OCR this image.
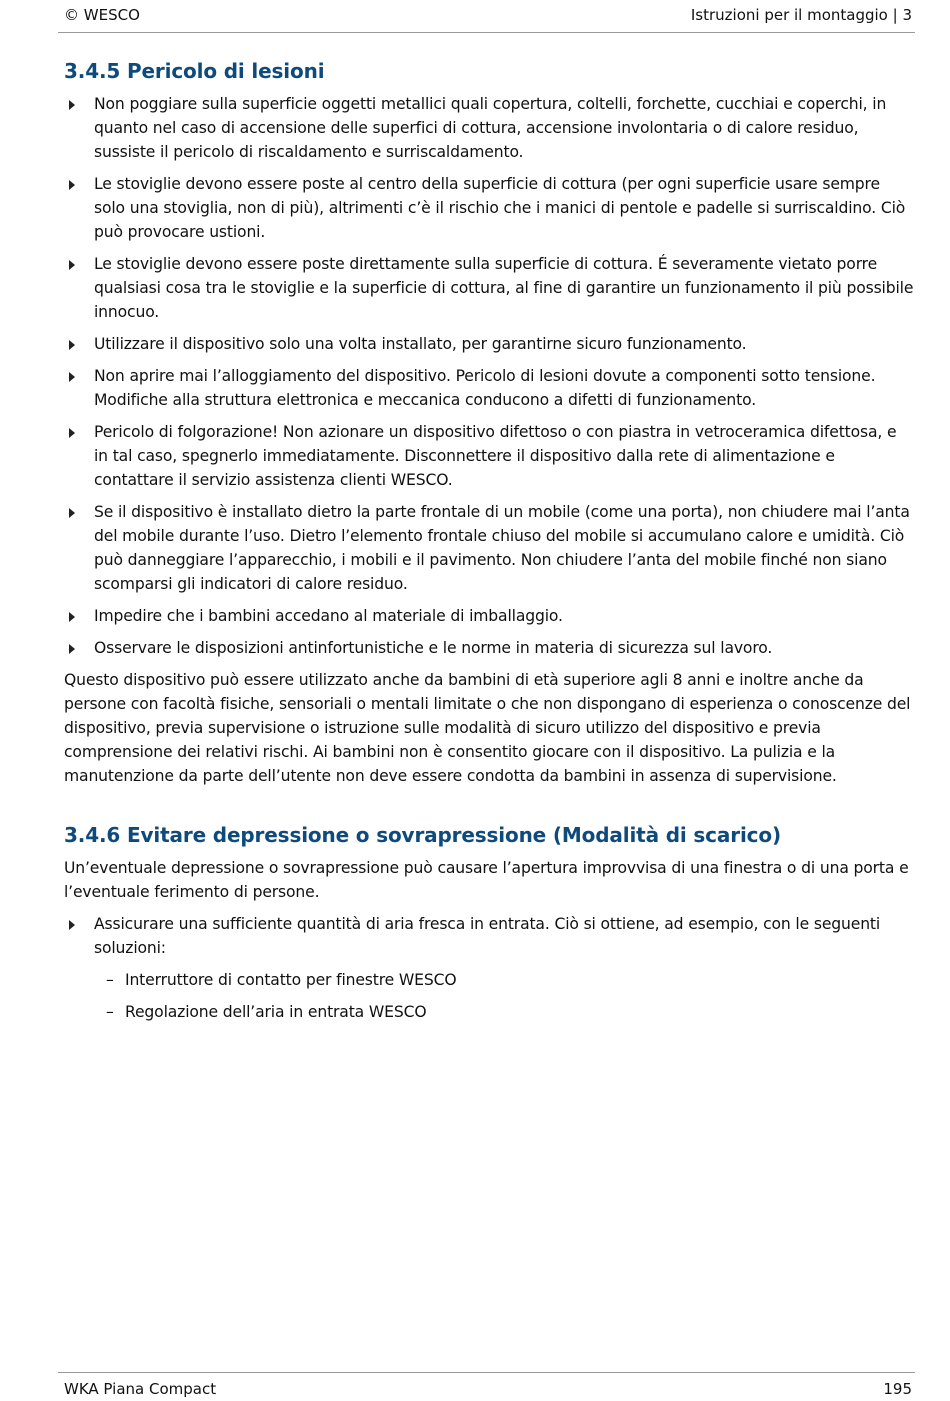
© WESCO	Istruzioni per il montaggio | 3
3.4.5 Pericolo di lesioni
Non poggiare sulla superficie oggetti metallici quali copertura, coltelli, forchette, cucchiai e coperchi, in quanto nel caso di accensione delle superfici di cottura, accensione involontaria o di calore residuo, sussiste il pericolo di riscaldamento e surriscaldamento.
Le stoviglie devono essere poste al centro della superficie di cottura (per ogni superficie usare sempre solo una stoviglia, non di più), altrimenti c’è il rischio che i manici di pentole e padelle si surriscaldino. Ciò può provocare ustioni.
Le stoviglie devono essere poste direttamente sulla superficie di cottura. É severamente vietato porre qualsiasi cosa tra le stoviglie e la superficie di cottura, al fine di garantire un funzionamento il più possibile innocuo.
Utilizzare il dispositivo solo una volta installato, per garantirne sicuro funzionamento.
Non aprire mai l’alloggiamento del dispositivo. Pericolo di lesioni dovute a componenti sotto tensione. Modifiche alla struttura elettronica e meccanica conducono a difetti di funzionamento.
Pericolo di folgorazione! Non azionare un dispositivo difettoso o con piastra in vetroceramica difettosa, e in tal caso, spegnerlo immediatamente. Disconnettere il dispositivo dalla rete di alimentazione e contattare il servizio assistenza clienti WESCO.
Se il dispositivo è installato dietro la parte frontale di un mobile (come una porta), non chiudere mai l’anta del mobile durante l’uso. Dietro l’elemento frontale chiuso del mobile si accumulano calore e umidità. Ciò può danneggiare l’apparecchio, i mobili e il pavimento. Non chiudere l’anta del mobile finché non siano scomparsi gli indicatori di calore residuo.
Impedire che i bambini accedano al materiale di imballaggio.
Osservare le disposizioni antinfortunistiche e le norme in materia di sicurezza sul lavoro.

Questo dispositivo può essere utilizzato anche da bambini di età superiore agli 8 anni e inoltre anche da persone con facoltà fisiche, sensoriali o mentali limitate o che non dispongano di esperienza o conoscenze del dispositivo, previa supervisione o istruzione sulle modalità di sicuro utilizzo del dispositivo e previa comprensione dei relativi rischi. Ai bambini non è consentito giocare con il dispositivo. La pulizia e la manutenzione da parte dell’utente non deve essere condotta da bambini in assenza di supervisione.

3.4.6 Evitare depressione o sovrapressione (Modalità di scarico)

Un’eventuale depressione o sovrapressione può causare l’apertura improvvisa di una finestra o di una porta e l’eventuale ferimento di persone.

Assicurare una sufficiente quantità di aria fresca in entrata. Ciò si ottiene, ad esempio, con le seguenti soluzioni:
– Interruttore di contatto per finestre WESCO
– Regolazione dell’aria in entrata WESCO
WKA Piana Compact	195
